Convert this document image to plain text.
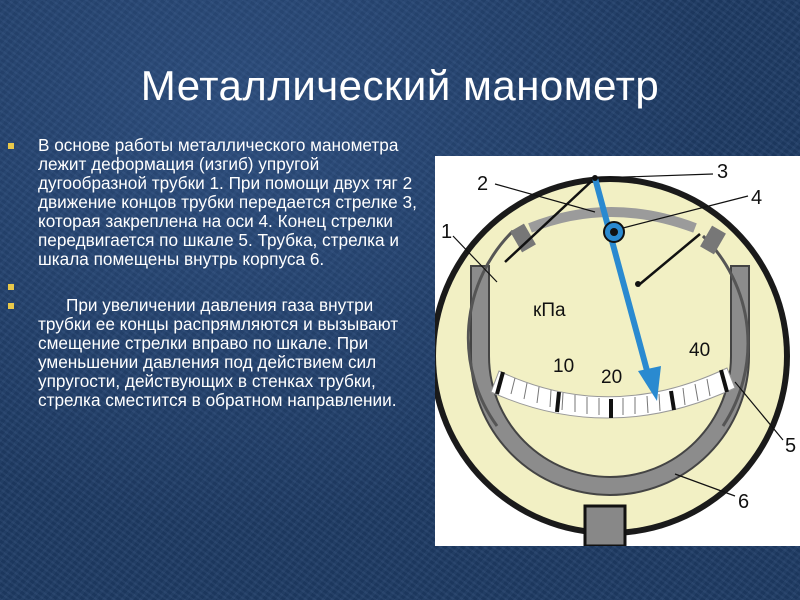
Металлический манометр
В основе работы металлического манометра лежит деформация (изгиб) упругой дугообразной трубки 1. При помощи двух тяг 2 движение концов трубки передается стрелке 3, которая закреплена на оси 4. Конец стрелки передвигается по шкале 5. Трубка, стрелка и шкала помещены внутрь корпуса 6.
При увеличении давления газа внутри трубки ее концы распрямляются и вызывают смещение стрелки вправо по шкале. При уменьшении давления под действием сил упругости, действующих в стенках трубки, стрелка сместится в обратном направлении.
10
20
40
кПа
1
2
3
4
5
6
